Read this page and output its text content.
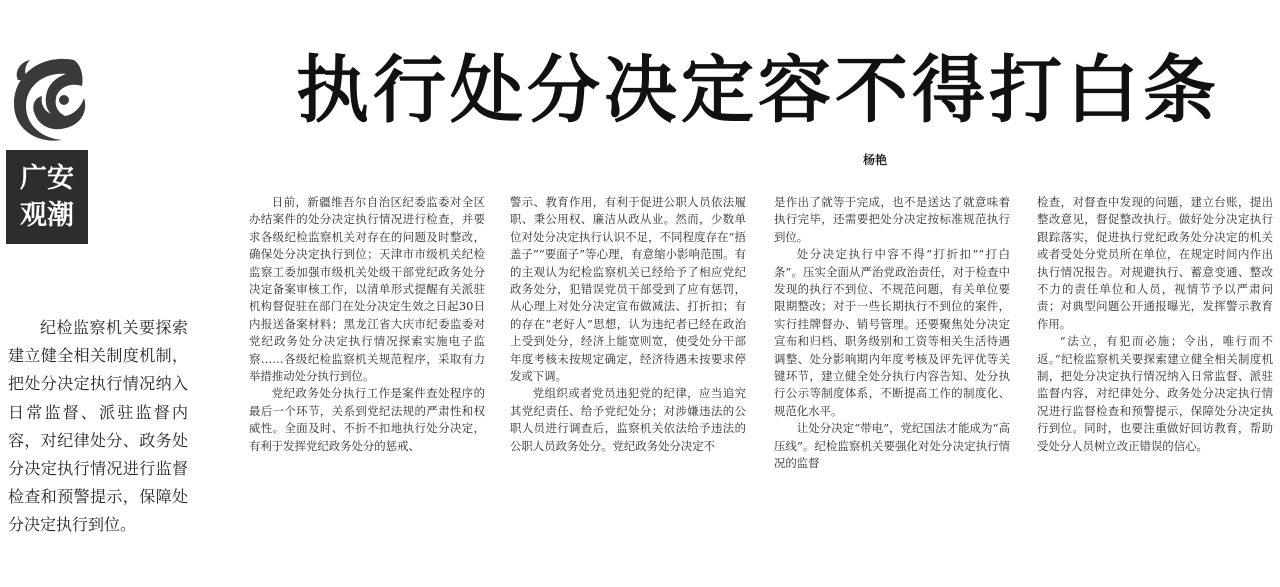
广安
观潮
执行处分决定容不得打白条
杨艳

纪检监察机关要探索建立健全相关制度机制，把处分决定执行情况纳入日常监督、派驻监督内容，对纪律处分、政务处分决定执行情况进行监督检查和预警提示，保障处分决定执行到位。

日前，新疆维吾尔自治区纪委监委对全区办结案件的处分决定执行情况进行检查，并要求各级纪检监察机关对存在的问题及时整改，确保处分决定执行到位；天津市市级机关纪检监察工委加强市级机关处级干部党纪政务处分决定备案审核工作，以清单形式提醒有关派驻机构督促驻在部门在处分决定生效之日起30日内报送备案材料；黑龙江省大庆市纪委监委对党纪政务处分决定执行情况探索实施电子监察……各级纪检监察机关规范程序，采取有力举措推动处分执行到位。

党纪政务处分执行工作是案件查处程序的最后一个环节，关系到党纪法规的严肃性和权威性。全面及时、不折不扣地执行处分决定，有利于发挥党纪政务处分的惩戒、

警示、教育作用，有利于促进公职人员依法履职、秉公用权、廉洁从政从业。然而，少数单位对处分决定执行认识不足，不同程度存在“捂盖子”“要面子”等心理，有意缩小影响范围。有的主观认为纪检监察机关已经给予了相应党纪政务处分，犯错误党员干部受到了应有惩罚，从心理上对处分决定宣布做减法、打折扣；有的存在“老好人”思想，认为违纪者已经在政治上受到处分，经济上能宽则宽，使受处分干部年度考核未按规定确定，经济待遇未按要求停发或下调。

党组织或者党员违犯党的纪律，应当追究其党纪责任、给予党纪处分；对涉嫌违法的公职人员进行调查后，监察机关依法给予违法的公职人员政务处分。党纪政务处分决定不

是作出了就等于完成，也不是送达了就意味着执行完毕，还需要把处分决定按标准规范执行到位。

处分决定执行中容不得“打折扣”“打白条”。压实全面从严治党政治责任，对于检查中发现的执行不到位、不规范问题，有关单位要限期整改；对于一些长期执行不到位的案件，实行挂牌督办、销号管理。还要聚焦处分决定宣布和归档、职务级别和工资等相关生活待遇调整、处分影响期内年度考核及评先评优等关键环节，建立健全处分执行内容告知、处分执行公示等制度体系，不断提高工作的制度化、规范化水平。

让处分决定“带电”，党纪国法才能成为“高压线”。纪检监察机关要强化对处分决定执行情况的监督

检查，对督查中发现的问题，建立台账，提出整改意见，督促整改执行。做好处分决定执行跟踪落实，促进执行党纪政务处分决定的机关或者受处分党员所在单位，在规定时间内作出执行情况报告。对规避执行、蓄意变通、整改不力的责任单位和人员，视情节予以严肃问责；对典型问题公开通报曝光，发挥警示教育作用。

“法立，有犯而必施；令出，唯行而不返。”纪检监察机关要探索建立健全相关制度机制，把处分决定执行情况纳入日常监督、派驻监督内容，对纪律处分、政务处分决定执行情况进行监督检查和预警提示，保障处分决定执行到位。同时，也要注重做好回访教育，帮助受处分人员树立改正错误的信心。
